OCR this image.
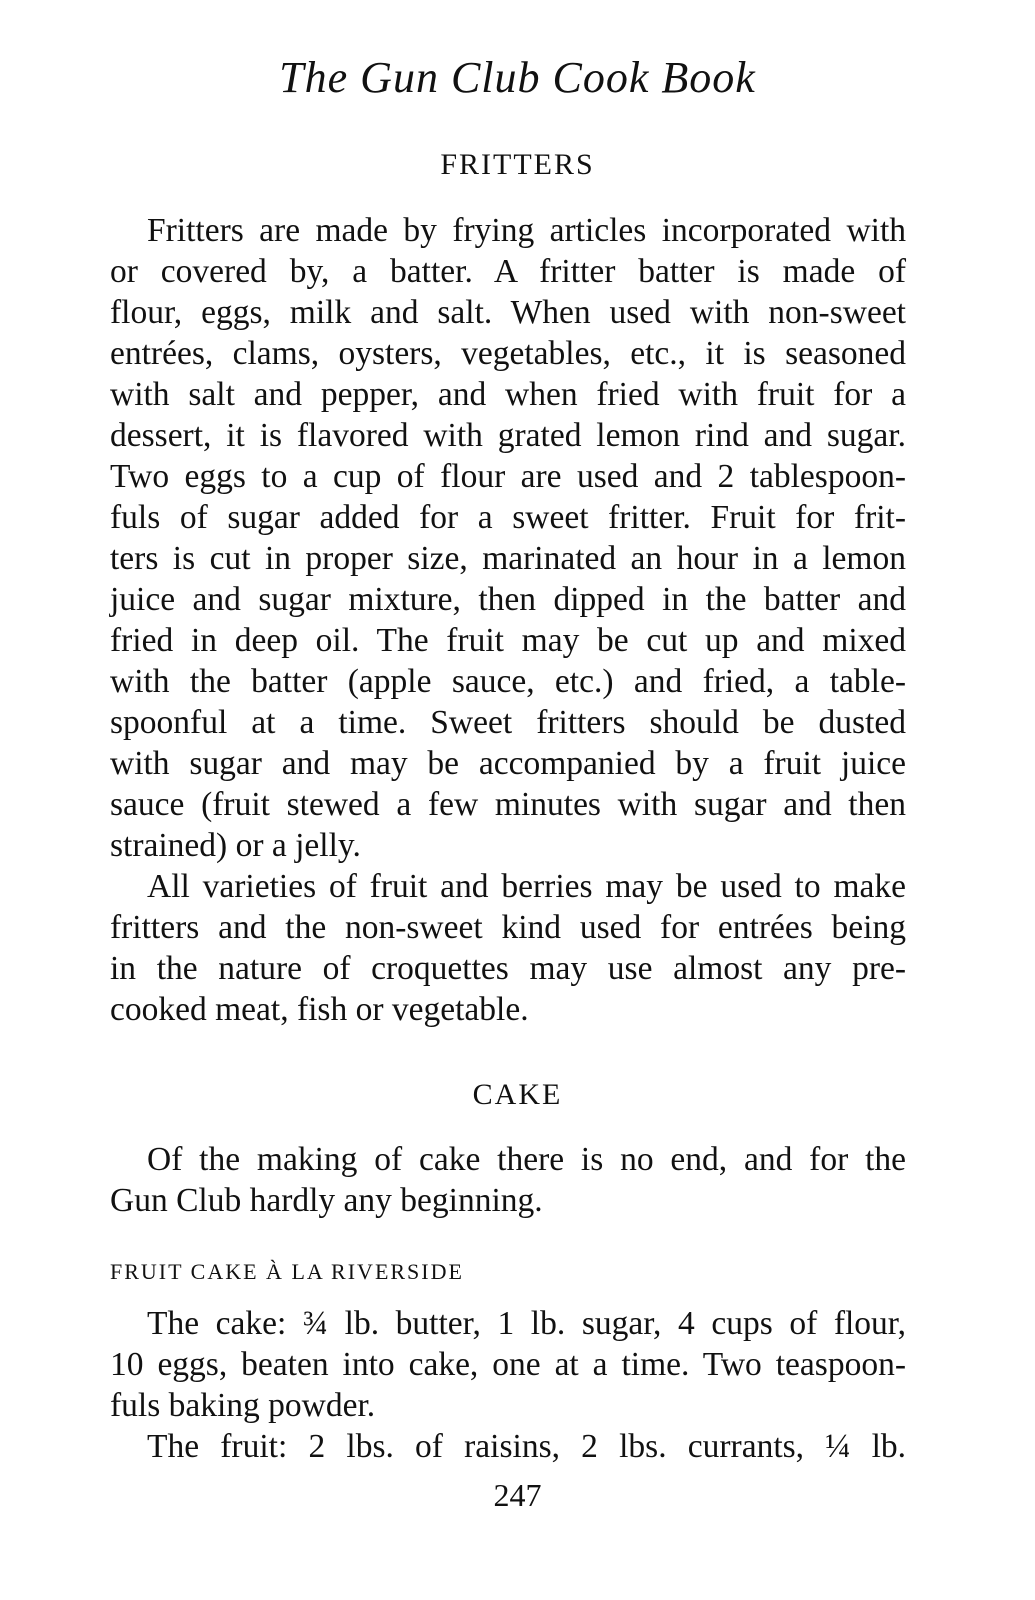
The Gun Club Cook Book
FRITTERS
Fritters are made by frying articles incorporated with
or covered by, a batter. A fritter batter is made of
flour, eggs, milk and salt. When used with non-sweet
entrées, clams, oysters, vegetables, etc., it is seasoned
with salt and pepper, and when fried with fruit for a
dessert, it is flavored with grated lemon rind and sugar.
Two eggs to a cup of flour are used and 2 tablespoon-
fuls of sugar added for a sweet fritter. Fruit for frit-
ters is cut in proper size, marinated an hour in a lemon
juice and sugar mixture, then dipped in the batter and
fried in deep oil. The fruit may be cut up and mixed
with the batter (apple sauce, etc.) and fried, a table-
spoonful at a time. Sweet fritters should be dusted
with sugar and may be accompanied by a fruit juice
sauce (fruit stewed a few minutes with sugar and then
strained) or a jelly.
All varieties of fruit and berries may be used to make
fritters and the non-sweet kind used for entrées being
in the nature of croquettes may use almost any pre-
cooked meat, fish or vegetable.
CAKE
Of the making of cake there is no end, and for the
Gun Club hardly any beginning.
FRUIT CAKE À LA RIVERSIDE
The cake: ¾ lb. butter, 1 lb. sugar, 4 cups of flour,
10 eggs, beaten into cake, one at a time. Two teaspoon-
fuls baking powder.
The fruit: 2 lbs. of raisins, 2 lbs. currants, ¼ lb.
247
